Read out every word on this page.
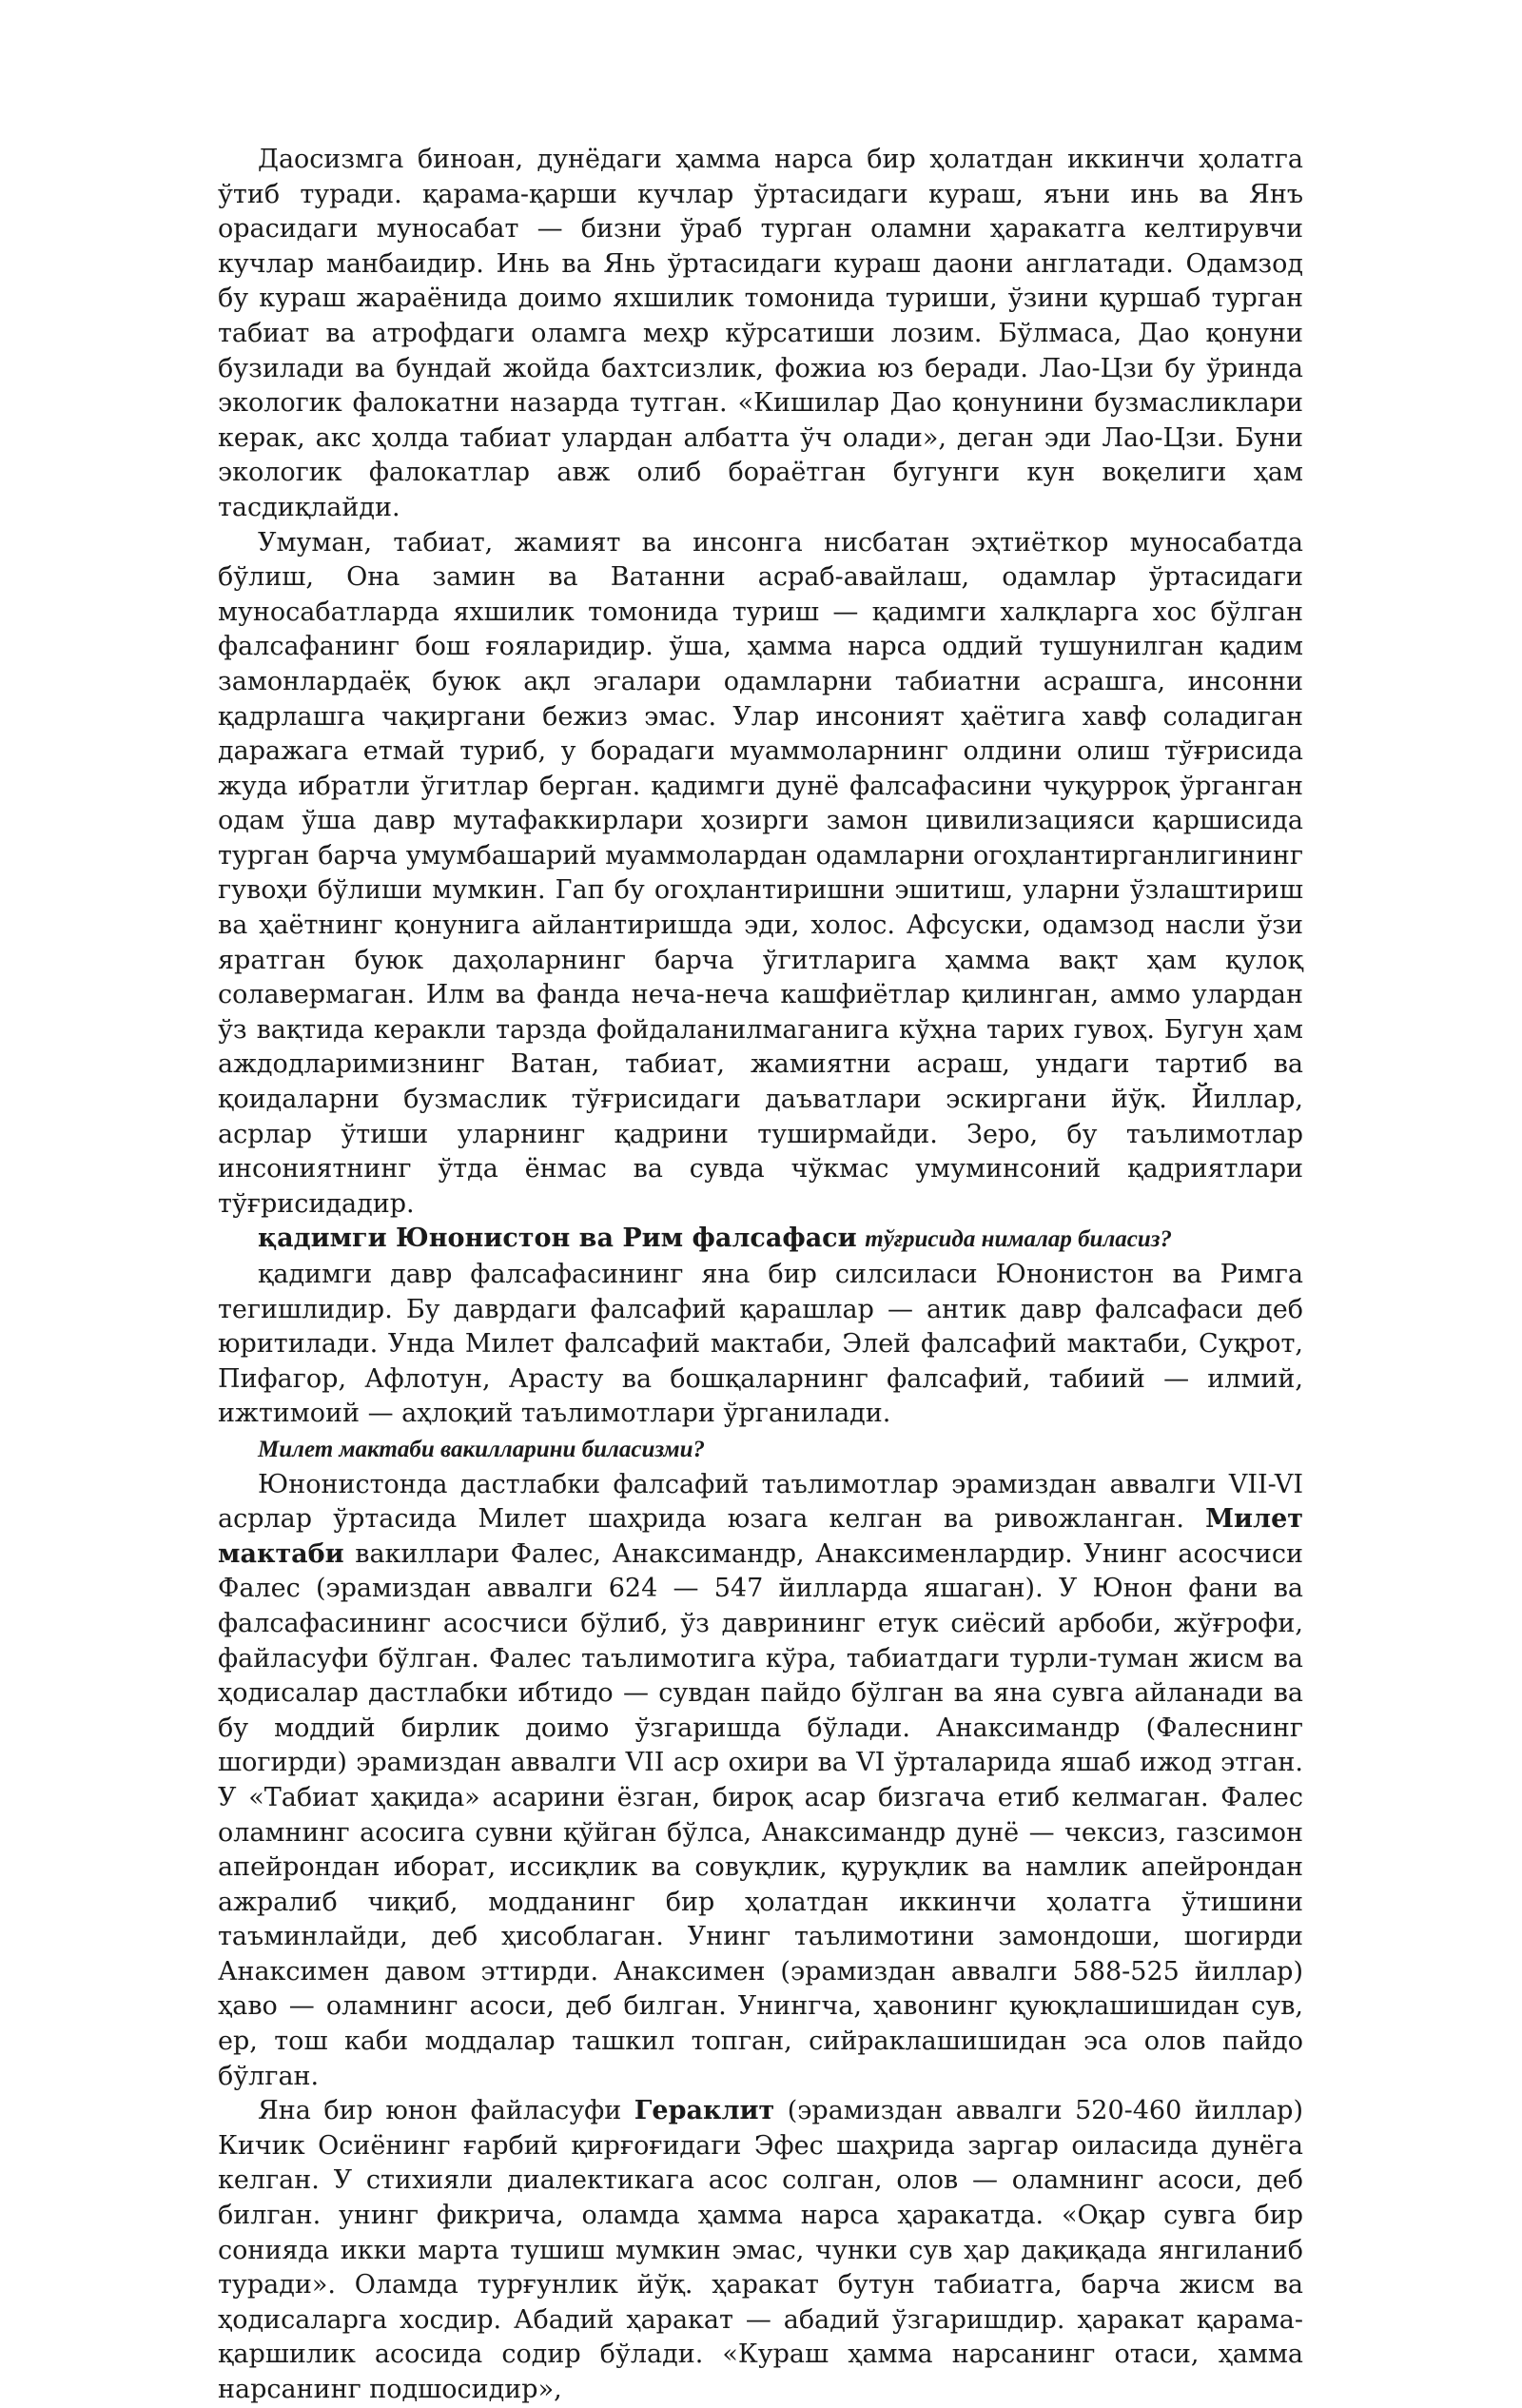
Даосизмга биноан, дунёдаги ҳамма нарса бир ҳолатдан иккинчи ҳолатга ўтиб туради. қарама-қарши кучлар ўртасидаги кураш, яъни инь ва Янъ орасидаги муносабат — бизни ўраб турган оламни ҳаракатга келтирувчи кучлар манбаидир. Инь ва Янь ўртасидаги кураш даони англатади. Одамзод бу кураш жараёнида доимо яхшилик томонида туриши, ўзини қуршаб турган табиат ва атрофдаги оламга меҳр кўрсатиши лозим. Бўлмаса, Дао қонуни бузилади ва бундай жойда бахтсизлик, фожиа юз беради. Лао-Цзи бу ўринда экологик фалокатни назарда тутган. «Кишилар Дао қонунини бузмасликлари керак, акс ҳолда табиат улардан албатта ўч олади», деган эди Лао-Цзи. Буни экологик фалокатлар авж олиб бораётган бугунги кун воқелиги ҳам тасдиқлайди.

Умуман, табиат, жамият ва инсонга нисбатан эҳтиёткор муносабатда бўлиш, Она замин ва Ватанни асраб-авайлаш, одамлар ўртасидаги муносабатларда яхшилик томонида туриш — қадимги халқларга хос бўлган фалсафанинг бош ғояларидир. ўша, ҳамма нарса оддий тушунилган қадим замонлардаёқ буюк ақл эгалари одамларни табиатни асрашга, инсонни қадрлашга чақиргани бежиз эмас. Улар инсоният ҳаётига хавф соладиган даражага етмай туриб, у борадаги муаммоларнинг олдини олиш тўғрисида жуда ибратли ўгитлар берган. қадимги дунё фалсафасини чуқурроқ ўрганган одам ўша давр мутафаккирлари ҳозирги замон цивилизацияси қаршисида турган барча умумбашарий муаммолардан одамларни огоҳлантирганлигининг гувоҳи бўлиши мумкин. Гап бу огоҳлантиришни эшитиш, уларни ўзлаштириш ва ҳаётнинг қонунига айлантиришда эди, холос. Афсуски, одамзод насли ўзи яратган буюк даҳоларнинг барча ўгитларига ҳамма вақт ҳам қулоқ солавермаган. Илм ва фанда неча-неча кашфиётлар қилинган, аммо улардан ўз вақтида керакли тарзда фойдаланилмаганига кўҳна тарих гувоҳ. Бугун ҳам аждодларимизнинг Ватан, табиат, жамиятни асраш, ундаги тартиб ва қоидаларни бузмаслик тўғрисидаги даъватлари эскиргани йўқ. Йиллар, асрлар ўтиши уларнинг қадрини туширмайди. Зеро, бу таълимотлар инсониятнинг ўтда ёнмас ва сувда чўкмас умуминсоний қадриятлари тўғрисидадир.

қадимги Юнонистон ва Рим фалсафаси тўғрисида нималар биласиз?

қадимги давр фалсафасининг яна бир силсиласи Юнонистон ва Римга тегишлидир. Бу даврдаги фалсафий қарашлар — антик давр фалсафаси деб юритилади. Унда Милет фалсафий мактаби, Элей фалсафий мактаби, Суқрот, Пифагор, Афлотун, Арасту ва бошқаларнинг фалсафий, табиий — илмий, ижтимоий — аҳлоқий таълимотлари ўрганилади.

Милет мактаби вакилларини биласизми?

Юнонистонда дастлабки фалсафий таълимотлар эрамиздан аввалги VII-VI асрлар ўртасида Милет шаҳрида юзага келган ва ривожланган. Милет мактаби вакиллари Фалес, Анаксимандр, Анаксименлардир. Унинг асосчиси Фалес (эрамиздан аввалги 624 — 547 йилларда яшаган). У Юнон фани ва фалсафасининг асосчиси бўлиб, ўз даврининг етук сиёсий арбоби, жўғрофи, файласуфи бўлган. Фалес таълимотига кўра, табиатдаги турли-туман жисм ва ҳодисалар дастлабки ибтидо — сувдан пайдо бўлган ва яна сувга айланади ва бу моддий бирлик доимо ўзгаришда бўлади. Анаксимандр (Фалеснинг шогирди) эрамиздан аввалги VII аср охири ва VI ўрталарида яшаб ижод этган. У «Табиат ҳақида» асарини ёзган, бироқ асар бизгача етиб келмаган. Фалес оламнинг асосига сувни қўйган бўлса, Анаксимандр дунё — чексиз, газсимон апейрондан иборат, иссиқлик ва совуқлик, қуруқлик ва намлик апейрондан ажралиб чиқиб, модданинг бир ҳолатдан иккинчи ҳолатга ўтишини таъминлайди, деб ҳисоблаган. Унинг таълимотини замондоши, шогирди Анаксимен давом эттирди. Анаксимен (эрамиздан аввалги 588-525 йиллар) ҳаво — оламнинг асоси, деб билган. Унингча, ҳавонинг қуюқлашишидан сув, ер, тош каби моддалар ташкил топган, сийраклашишидан эса олов пайдо бўлган.

Яна бир юнон файласуфи Гераклит (эрамиздан аввалги 520-460 йиллар) Кичик Осиёнинг ғарбий қирғоғидаги Эфес шаҳрида заргар оиласида дунёга келган. У стихияли диалектикага асос солган, олов — оламнинг асоси, деб билган. унинг фикрича, оламда ҳамма нарса ҳаракатда. «Оқар сувга бир сонияда икки марта тушиш мумкин эмас, чунки сув ҳар дақиқада янгиланиб туради». Оламда турғунлик йўқ. ҳаракат бутун табиатга, барча жисм ва ҳодисаларга хосдир. Абадий ҳаракат — абадий ўзгаришдир. ҳаракат қарама-қаршилик асосида содир бўлади. «Кураш ҳамма нарсанинг отаси, ҳамма нарсанинг подшосидир»,
